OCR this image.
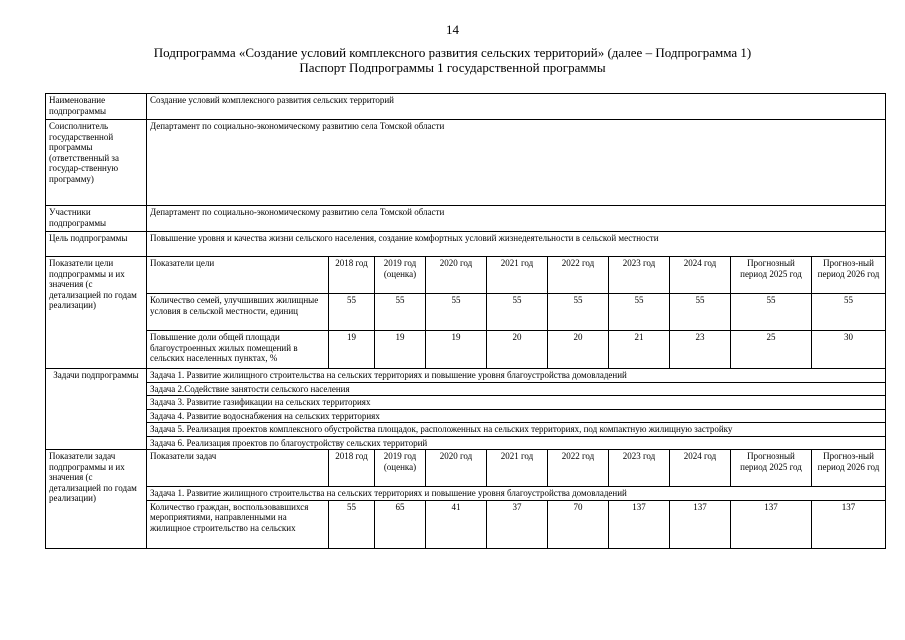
14
Подпрограмма «Создание условий комплексного развития сельских территорий» (далее – Подпрограмма 1)
Паспорт Подпрограммы 1 государственной программы
Наименование подпрограммы	Создание условий комплексного развития сельских территорий									
Соисполнитель государственной программы (ответственный за государ-ственную программу)	Департамент по социально-экономическому развитию села Томской области									
Участники подпрограммы	Департамент по социально-экономическому развитию села Томской области									
Цель подпрограммы	Повышение уровня и качества жизни сельского населения, создание комфортных условий жизнедеятельности в сельской местности									
Показатели цели подпрограммы и их значения (с детализацией по годам реализации)	Показатели цели	2018 год	2019 год (оценка)	2020 год	2021 год	2022 год	2023 год	2024 год	Прогнозный период 2025 год	Прогноз-ный период 2026 год
	Количество семей, улучшивших жилищные условия в сельской местности, единиц	55	55	55	55	55	55	55	55	55
	Повышение доли общей площади благоустроенных жилых помещений в сельских населенных пунктах, %	19	19	19	20	20	21	23	25	30
Задачи подпрограммы	Задача 1. Развитие жилищного строительства на сельских территориях и повышение уровня благоустройства домовладений									
	Задача 2.Содействие занятости сельского населения									
	Задача 3. Развитие газификации на сельских территориях									
	Задача 4. Развитие водоснабжения на сельских территориях									
	Задача 5. Реализация проектов комплексного обустройства площадок, расположенных на сельских территориях, под компактную жилищную застройку									
	Задача 6. Реализация проектов по благоустройству сельских территорий									
Показатели задач подпрограммы и их значения (с детализацией по годам реализации)	Показатели задач	2018 год	2019 год (оценка)	2020 год	2021 год	2022 год	2023 год	2024 год	Прогнозный период 2025 год	Прогноз-ный период 2026 год
	Задача 1. Развитие жилищного строительства на сельских территориях и повышение уровня благоустройства домовладений									
	Количество граждан, воспользовавшихся мероприятиями, направленными на жилищное строительство на сельских	55	65	41	37	70	137	137	137	137
